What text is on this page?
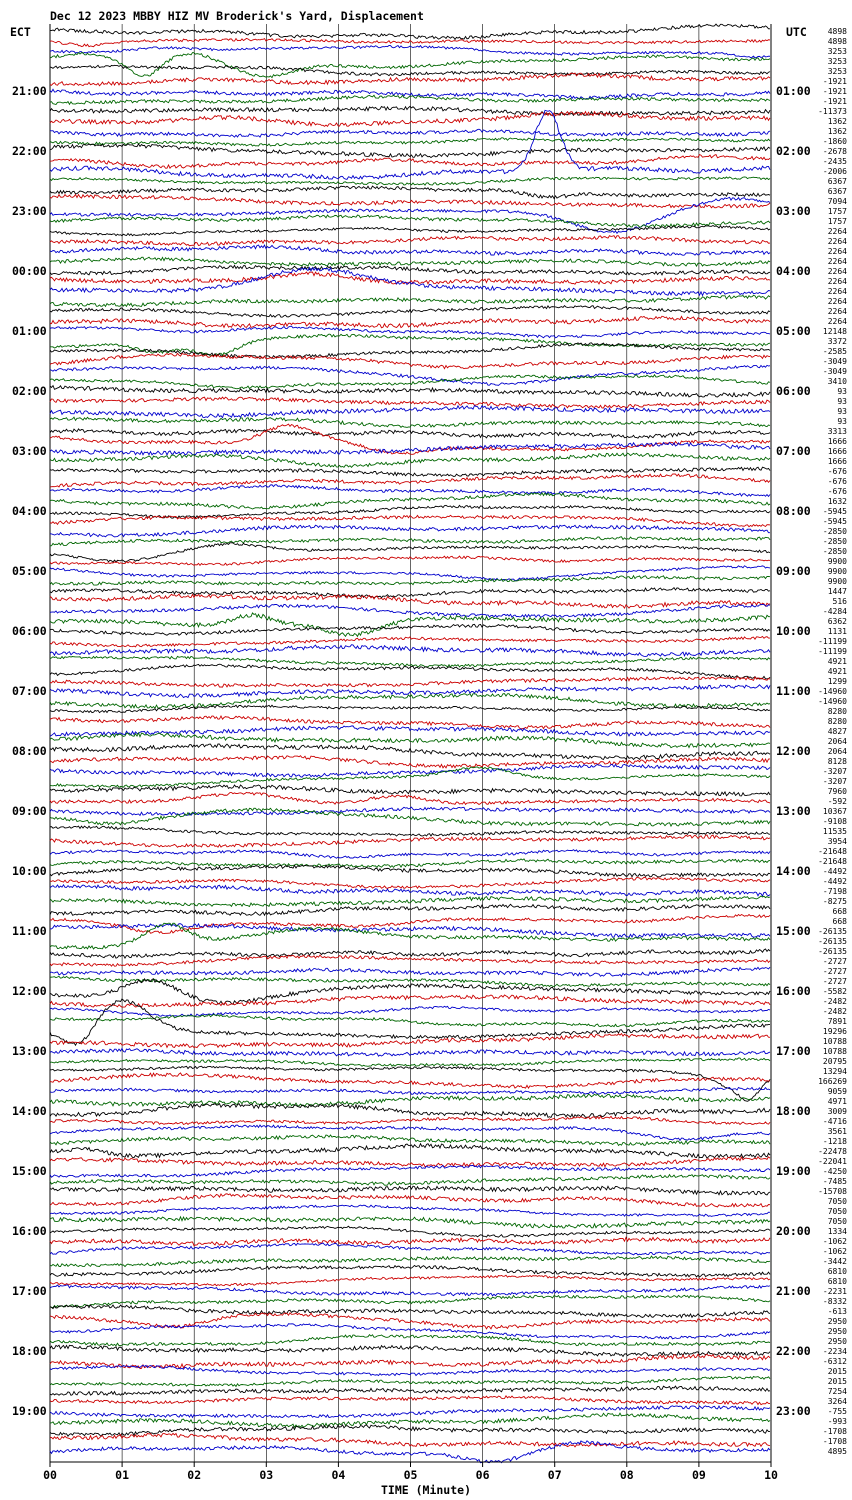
Dec 12 2023 MBBY HIZ MV Broderick's Yard, Displacement
ECT	UTC
21:00
22:00
23:00
00:00
01:00
02:00
03:00
04:00
05:00
06:00
07:00
08:00
09:00
10:00
11:00
12:00
13:00
14:00
15:00
16:00
17:00
18:00
19:00
01:00
02:00
03:00
04:00
05:00
06:00
07:00
08:00
09:00
10:00
11:00
12:00
13:00
14:00
15:00
16:00
17:00
18:00
19:00
20:00
21:00
22:00
23:00
4898
4898
3253
3253
3253
-1921
-1921
-1921
-11373
1362
1362
-1860
-2678
-2435
-2006
6367
6367
7094
1757
1757
2264
2264
2264
2264
2264
2264
2264
2264
2264
2264
12148
3372
-2585
-3049
-3049
3410
93
93
93
93
3313
1666
1666
1666
-676
-676
-676
1632
-5945
-5945
-2850
-2850
-2850
9900
9900
9900
1447
516
-4284
6362
1131
-11199
-11199
4921
4921
1299
-14960
-14960
8280
8280
4827
2064
2064
8128
-3207
-3207
7960
-592
10367
-9108
11535
3954
-21648
-21648
-4492
-4492
-7198
-8275
668
668
-26135
-26135
-26135
-2727
-2727
-2727
-5582
-2482
-2482
7891
19296
10788
10788
20795
13294
166269
9059
4971
3009
-4716
3561
-1218
-22478
-22041
-4250
-7485
-15708
7050
7050
7050
1334
-1062
-1062
-3442
6810
6810
-2231
-8332
-613
2950
2950
2950
-2234
-6312
2015
2015
7254
3264
-755
-993
-1708
-1708
4895
00	01	02	03	04	05	06	07	08	09	10
TIME (Minute)
